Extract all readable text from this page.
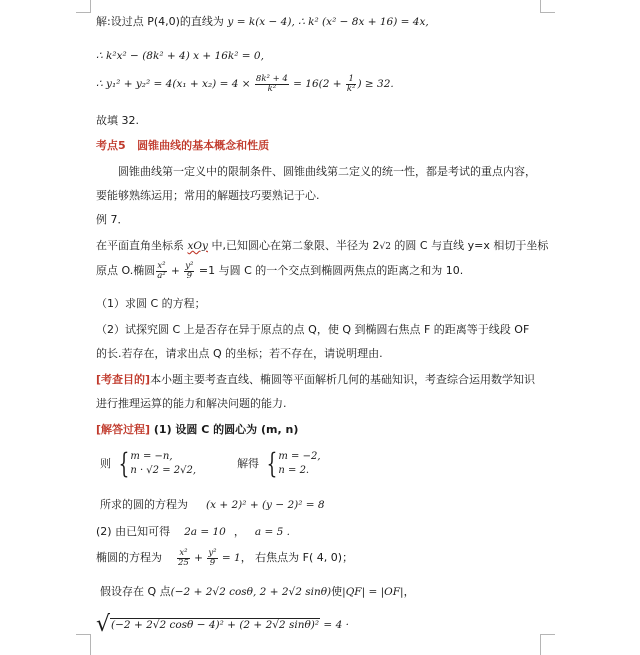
解:设过点 P(4,0)的直线为 y = k(x − 4), ∴ k² (x² − 8x + 16) = 4x,
∴ k²x² − (8k² + 4) x + 16k² = 0,
∴ $y_1^2 + y_2^2 = 4(x_1 + x_2) = 4 \times \frac{\text{8k² + 4}}{\text{k²}} = 16(2 + \frac{1}{\text{k²}}$ ) ≥ 32.
故填 32.
考点5 圆锥曲线的基本概念和性质
圆锥曲线第一定义中的限制条件、圆锥曲线第二定义的统一性，都是考试的重点内容，
要能够熟练运用；常用的解题技巧要熟记于心.
例 7．
在平面直角坐标系 xOy 中,已知圆心在第二象限、半径为 2√2 的圆 C 与直线 y=x 相切于坐标
原点 O.椭圆 $\frac{\text{x²}}{\text{a²}} + \frac{\text{y²}}{9} =1$ 与圆 C 的一个交点到椭圆两焦点的距离之和为 10.
（1）求圆 C 的方程；
（2）试探究圆 C 上是否存在异于原点的点 Q，使 Q 到椭圆右焦点 F 的距离等于线段 OF
的长.若存在，请求出点 Q 的坐标；若不存在，请说明理由.
[考查目的]本小题主要考查直线、椭圆等平面解析几何的基础知识，考查综合运用数学知识
进行推理运算的能力和解决问题的能力.
[解答过程] (1) 设圆 C 的圆心为 (m, n)
则 { m = −n,
n · √2 = 2√2,
解得 { m = −2,
n = 2.
所求的圆的方程为 (x + 2)² + (y − 2)² = 8
(2) 由已知可得 2a = 10 ， a = 5 .
椭圆的方程为 $\frac{\text{x²}}{25} + \frac{\text{y²}}{9} = 1$， 右焦点为 F( 4, 0)；
假设存在 Q 点(−2 + 2√2 cosθ, 2 + 2√2 sinθ)使|QF| = |OF|，
√(−2 + 2√2 cosθ − 4)² + (2 + 2√2 sinθ)² = 4 ·
